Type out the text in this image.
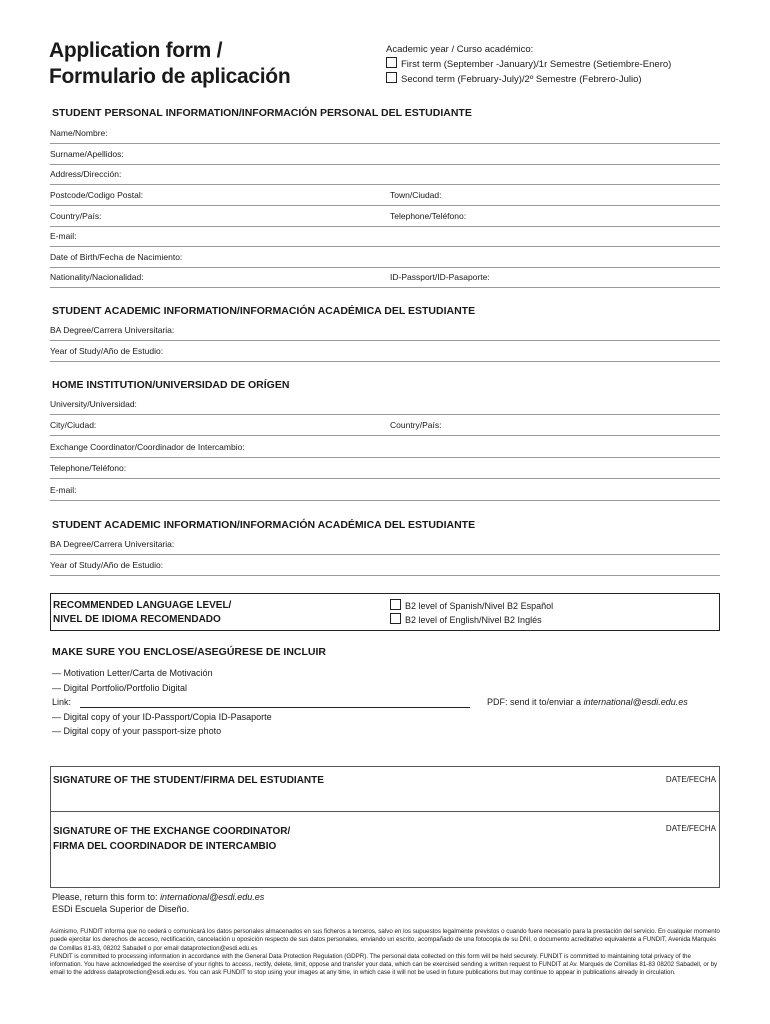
Application form /
Formulario de aplicación
Academic year / Curso académico:
First term (September -January)/1r Semestre (Setiembre-Enero)
Second term (February-July)/2º Semestre (Febrero-Julio)
STUDENT PERSONAL INFORMATION/INFORMACIÓN PERSONAL DEL ESTUDIANTE
Name/Nombre:
Surname/Apellidos:
Address/Dirección:
Postcode/Codigo Postal:	Town/Ciudad:
Country/País:	Telephone/Teléfono:
E-mail:
Date of Birth/Fecha de Nacimiento:
Nationality/Nacionalidad:	ID-Passport/ID-Pasaporte:
STUDENT ACADEMIC INFORMATION/INFORMACIÓN ACADÉMICA DEL ESTUDIANTE
BA Degree/Carrera Universitaria:
Year of Study/Año de Estudio:
HOME INSTITUTION/UNIVERSIDAD DE ORÍGEN
University/Universidad:
City/Ciudad:	Country/País:
Exchange Coordinator/Coordinador de Intercambio:
Telephone/Teléfono:
E-mail:
STUDENT ACADEMIC INFORMATION/INFORMACIÓN ACADÉMICA DEL ESTUDIANTE
BA Degree/Carrera Universitaria:
Year of Study/Año de Estudio:
RECOMMENDED LANGUAGE LEVEL/
NIVEL DE IDIOMA RECOMENDADO
B2 level of Spanish/Nivel B2 Español
B2 level of English/Nivel B2 Inglés
MAKE SURE YOU ENCLOSE/ASEGÚRESE DE INCLUIR
— Motivation Letter/Carta de Motivación
— Digital Portfolio/Portfolio Digital
Link:	PDF: send it to/enviar a international@esdi.edu.es
— Digital copy of your ID-Passport/Copia ID-Pasaporte
— Digital copy of your passport-size photo
SIGNATURE OF THE STUDENT/FIRMA DEL ESTUDIANTE	DATE/FECHA
SIGNATURE OF THE EXCHANGE COORDINATOR/
FIRMA DEL COORDINADOR DE INTERCAMBIO
DATE/FECHA
Please, return this form to: international@esdi.edu.es
ESDi Escuela Superior de Diseño.
Asimismo, FUNDIT informa que no cederá o comunicará los datos personales almacenados en sus ficheros a terceros, salvo en los supuestos legalmente previstos o cuando fuere necesario para la prestación del servicio. En cualquier momento puede ejercitar los derechos de acceso, rectificación, cancelación u oposición respecto de sus datos personales, enviando un escrito, acompañado de una fotocopia de su DNI, o documento acreditativo equivalente a FUNDIT, Avenida Marqués de Comillas 81-83, 08202 Sabadell o por email dataprotection@esdi.edu.es
FUNDIT is committed to processing information in accordance with the General Data Protection Regulation (GDPR). The personal data collected on this form will be held securely. FUNDIT is committed to maintaining total privacy of the information. You have acknowledged the exercise of your rights to access, rectify, delete, limit, oppose and transfer your data, which can be exercised sending a written request to FUNDIT at Av. Marqués de Comillas 81-83 08202 Sabadell, or by email to the address dataprotection@esdi.edu.es. You can ask FUNDIT to stop using your images at any time, in which case it will not be used in future publications but may continue to appear in publications already in circulation.
